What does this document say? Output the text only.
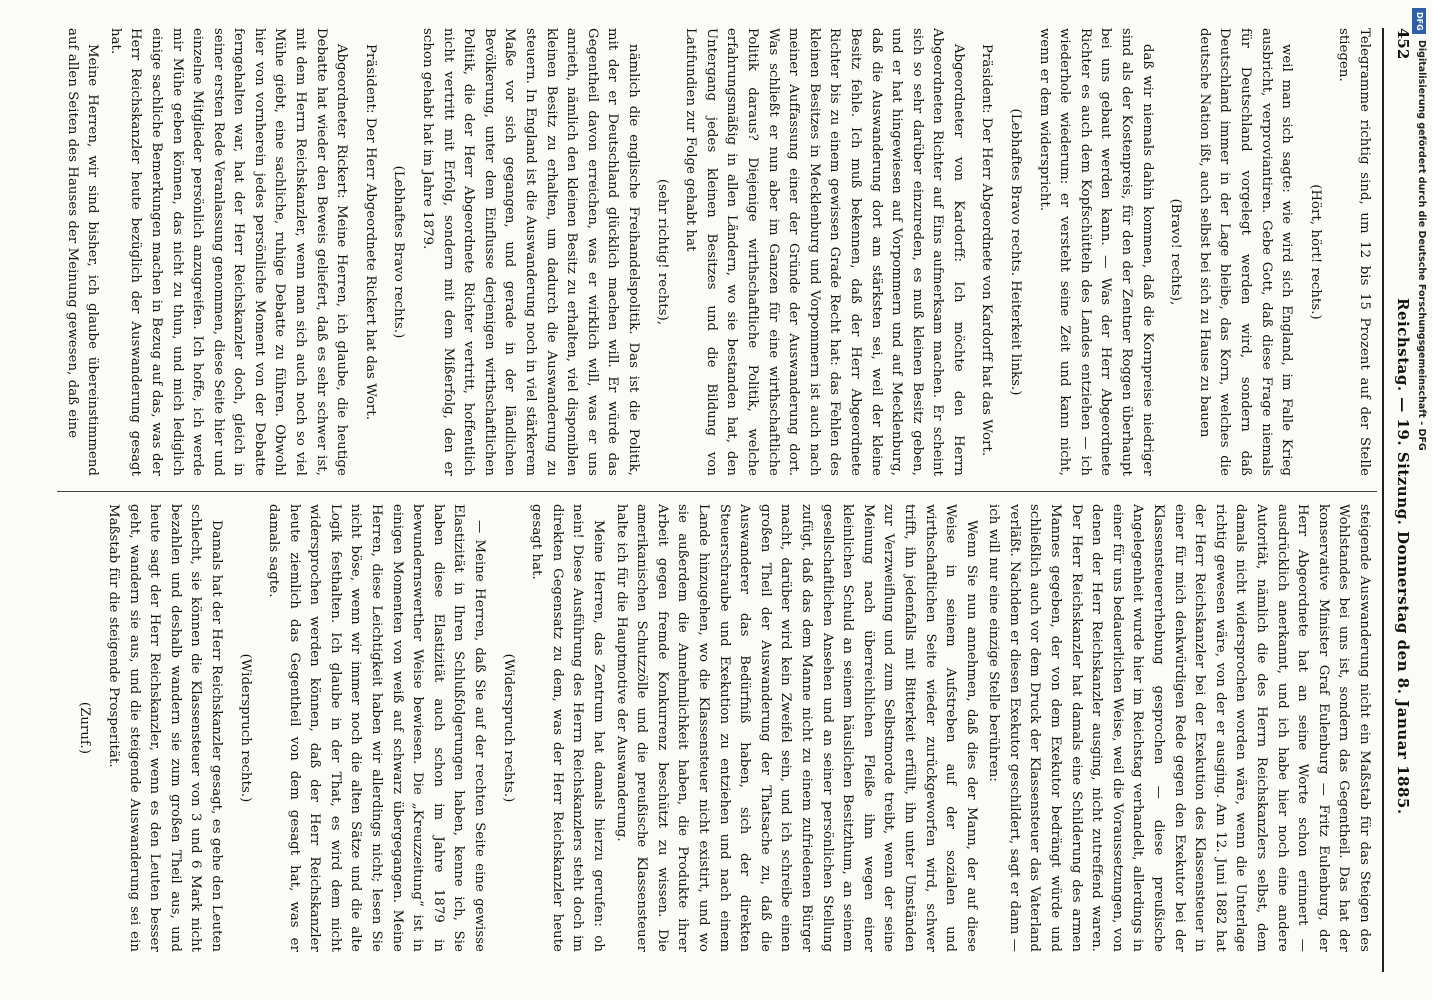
452
Reichstag. — 19. Sitzung. Donnerstag den 8. Januar 1885.

Telegramme richtig sind, um 12 bis 15 Prozent auf der Stelle stiegen.

(Hört, hört! rechts.)

weil man sich sagte: wie wird sich England, im Falle Krieg ausbricht, verproviantiren. Gebe Gott, daß diese Frage niemals für Deutschland vorgelegt werden wird, sondern daß Deutschland immer in der Lage bleibe, das Korn, welches die deutsche Nation ißt, auch selbst bei sich zu Hause zu bauen

(Bravo! rechts),

daß wir niemals dahin kommen, daß die Kornpreise niedriger sind als der Kostenpreis, für den der Zentner Roggen überhaupt bei uns gebaut werden kann. — Was der Herr Abgeordnete Richter es auch dem Kopfschütteln des Landes entziehen — ich wiederhole wiederum: er versteht seine Zeit und kann nicht, wenn er dem widerspricht.

(Lebhaftes Bravo rechts. Heiterkeit links.)

Präsident: Der Herr Abgeordnete von Kardorff hat das Wort.

Abgeordneter von Kardorff: Ich möchte den Herrn Abgeordneten Richter auf Eins aufmerksam machen. Er scheint sich so sehr darüber einzureden, es muß kleinen Besitz geben, und er hat hingewiesen auf Vorpommern und auf Mecklenburg, daß die Auswanderung dort am stärksten sei, weil der kleine Besitz fehle. Ich muß bekennen, daß der Herr Abgeordnete Richter bis zu einem gewissen Grade Recht hat: das Fehlen des kleinen Besitzes in Mecklenburg und Vorpommern ist auch nach meiner Auffassung einer der Gründe der Auswanderung dort. Was schließt er nun aber im Ganzen für eine wirthschaftliche Politik daraus? Diejenige wirthschaftliche Politik, welche erfahrungsmäßig in allen Ländern, wo sie bestanden hat, den Untergang jedes kleinen Besitzes und die Bildung von Latifundien zur Folge gehabt hat

(sehr richtig! rechts),

nämlich die englische Freihandelspolitik. Das ist die Politik, mit der er Deutschland glücklich machen will. Er würde das Gegentheil davon erreichen, was er wirklich will, was er uns anrieth, nämlich den kleinen Besitz zu erhalten, viel disponiblen kleinen Besitz zu erhalten, um dadurch die Auswanderung zu steuern. In England ist die Auswanderung noch in viel stärkerem Maße vor sich gegangen, und gerade in der ländlichen Bevölkerung, unter dem Einflusse derjenigen wirthschaftlichen Politik, die der Herr Abgeordnete Richter vertritt, hoffentlich nicht vertritt mit Erfolg, sondern mit dem Mißerfolg, den er schon gehabt hat im Jahre 1879.

(Lebhaftes Bravo rechts.)

Präsident: Der Herr Abgeordnete Rickert hat das Wort.

Abgeordneter Rickert: Meine Herren, ich glaube, die heutige Debatte hat wieder den Beweis geliefert, daß es sehr schwer ist, mit dem Herrn Reichskanzler, wenn man sich auch noch so viel Mühe giebt, eine sachliche, ruhige Debatte zu führen. Obwohl hier von vornherein jedes persönliche Moment von der Debatte ferngehalten war, hat der Herr Reichskanzler doch, gleich in seiner ersten Rede Veranlassung genommen, diese Seite hier und einzelne Mitglieder persönlich anzugreifen. Ich hoffe, ich werde mir Mühe geben können, das nicht zu thun, und mich lediglich einige sachliche Bemerkungen machen in Bezug auf das, was der Herr Reichskanzler heute bezüglich der Auswanderung gesagt hat.

Meine Herren, wir sind bisher, ich glaube übereinstimmend auf allen Seiten des Hauses der Meinung gewesen, daß eine

steigende Auswanderung nicht ein Maßstab für das Steigen des Wohlstandes bei uns ist, sondern das Gegentheil. Das hat der konservative Minister Graf Eulenburg — Fritz Eulenburg, der Herr Abgeordnete hat an seine Worte schon erinnert — ausdrücklich anerkannt, und ich habe hier noch eine andere Autorität, nämlich die des Herrn Reichskanzlers selbst, dem damals nicht widersprochen worden wäre, wenn die Unterlage richtig gewesen wäre, von der er ausging. Am 12. Juni 1882 hat der Herr Reichskanzler bei der Exekution des Klassensteuer in einer für mich denkwürdigen Rede gegen den Exekutor bei der Klassensteuererhebung gesprochen — diese preußische Angelegenheit wurde hier im Reichstag verhandelt, allerdings in einer für uns bedauerlichen Weise, weil die Voraussetzungen, von denen der Herr Reichskanzler ausging, nicht zutreffend waren. Der Herr Reichskanzler hat damals eine Schilderung des armen Mannes gegeben, der von dem Exekutor bedrängt würde und schließlich auch vor dem Druck der Klassensteuer das Vaterland verläßt. Nachdem er diesen Exekutor geschildert, sagt er dann — ich will nur eine einzige Stelle berühren:

Wenn Sie nun annehmen, daß dies der Mann, der auf diese Weise in seinem Aufstreben auf der sozialen und wirthschaftlichen Seite wieder zurückgeworfen wird, schwer trifft, ihn jedenfalls mit Bitterkeit erfüllt, ihn unter Umständen zur Verzweiflung und zum Selbstmorde treibt, wenn der seine Meinung nach überreichlichen Fleiße ihm wegen einer kleinlichen Schuld an seinem häuslichen Besitzthum, an seinem gesellschaftlichen Ansehen und an seiner persönlichen Stellung zufügt, daß das dem Manne nicht zu einem zufriedenen Bürger macht, darüber wird kein Zweifel sein, und ich schreibe einen großen Theil der Auswanderung der Thatsache zu, daß die Auswanderer das Bedürfniß haben, sich der direkten Steuerschraube und Exekution zu entziehen und nach einem Lande hinzugehen, wo die Klassensteuer nicht existirt, und wo sie außerdem die Annehmlichkeit haben, die Produkte ihrer Arbeit gegen fremde Konkurrenz beschützt zu wissen. Die amerikanischen Schutzzölle und die preußische Klassensteuer halte ich für die Hauptmotive der Auswanderung.

Meine Herren, das Zentrum hat damals hierzu gerufen: oh nein! Diese Ausführung des Herrn Reichskanzlers steht doch im direkten Gegensatz zu dem, was der Herr Reichskanzler heute gesagt hat.

(Widerspruch rechts.)

— Meine Herren, daß Sie auf der rechten Seite eine gewisse Elastizität in Ihren Schlußfolgerungen haben, kenne ich, Sie haben diese Elastizität auch schon im Jahre 1879 in bewundernswerther Weise bewiesen. Die „Kreuzzeitung“ ist in einigen Momenten von weiß auf schwarz übergegangen. Meine Herren, diese Leichtigkeit haben wir allerdings nicht; lesen Sie nicht böse, wenn wir immer noch die alten Sätze und die alte Logik festhalten. Ich glaube in der That, es wird dem nicht widersprochen werden können, daß der Herr Reichskanzler heute ziemlich das Gegentheil von dem gesagt hat, was er damals sagte.

(Widerspruch rechts.)

Damals hat der Herr Reichskanzler gesagt, es gehe den Leuten schlecht, sie können die Klassensteuer von 3 und 6 Mark nicht bezahlen und deshalb wandern sie zum großen Theil aus, und heute sagt der Herr Reichskanzler, wenn es den Leuten besser geht, wandern sie aus, und die steigende Auswanderung sei ein Maßstab für die steigende Prosperität.

(Zuruf.)

DFG
Digitalisierung gefördert durch die Deutsche Forschungsgemeinschaft - DFG
